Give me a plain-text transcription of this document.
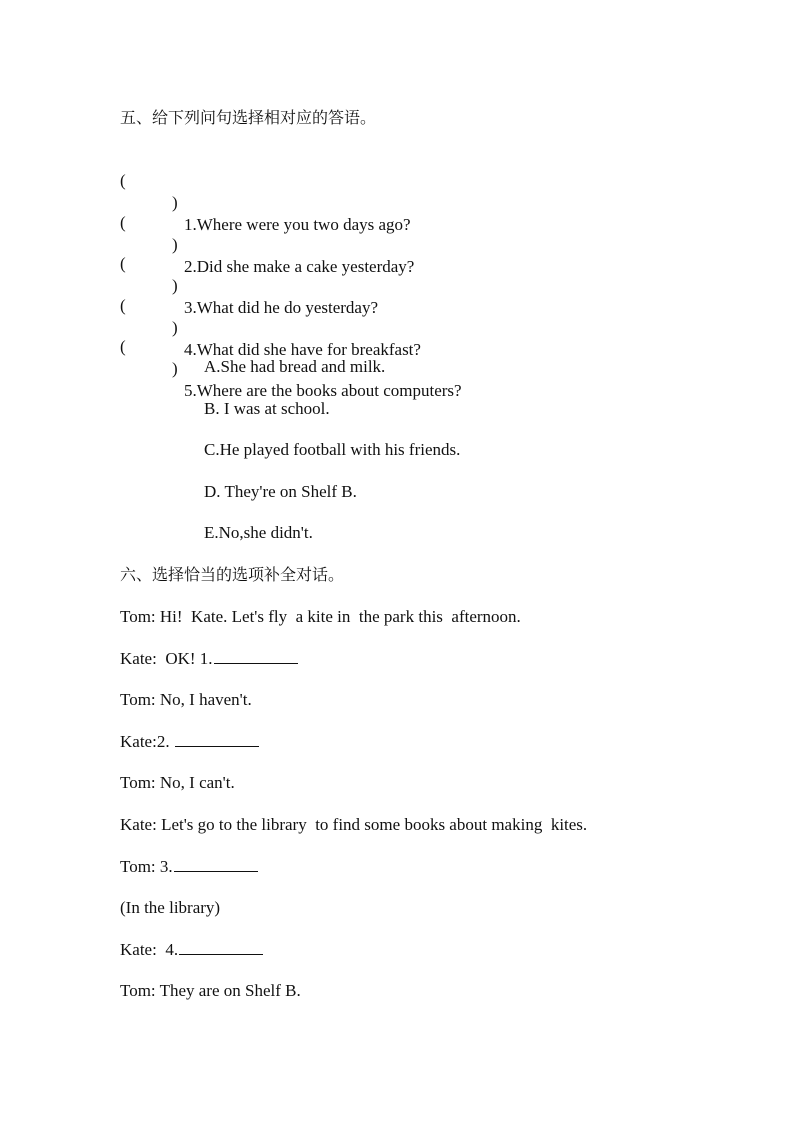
五、给下列问句选择相对应的答语。

(

)

1.Where were you two days ago?

(

)

2.Did she make a cake yesterday?

(

)

3.What did he do yesterday?

(

)

4.What did she have for breakfast?

(

)

5.Where are the books about computers?

A.She had bread and milk.
B. I was at school.
C.He played football with his friends.
D. They're on Shelf B.
E.No,she didn't.
六、选择恰当的选项补全对话。
Tom: Hi!  Kate. Let's fly  a kite in  the park this  afternoon.
Kate:  OK! 1.
Tom: No, I haven't.
Kate:2.
Tom: No, I can't.
Kate: Let's go to the library  to find some books about making  kites.
Tom: 3.
(In the library)
Kate:  4.
Tom: They are on Shelf B.
